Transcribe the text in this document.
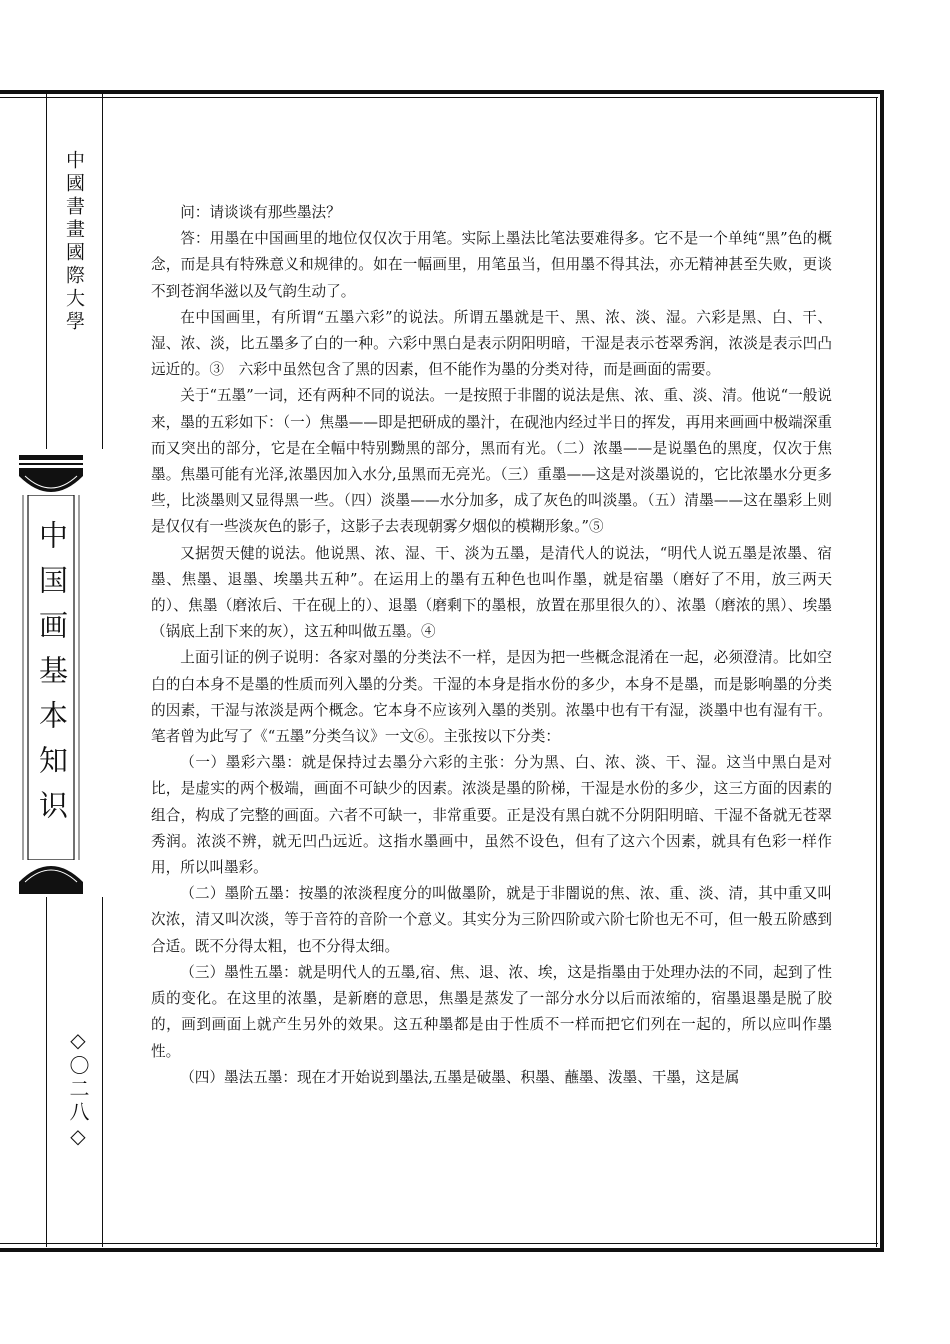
中國書畫國際大學
中国画基本知识
◇〇二八◇

问：请谈谈有那些墨法？

答：用墨在中国画里的地位仅仅次于用笔。实际上墨法比笔法要难得多。它不是一个单纯“黑”色的概念，而是具有特殊意义和规律的。如在一幅画里，用笔虽当，但用墨不得其法，亦无精神甚至失败，更谈不到苍润华滋以及气韵生动了。

在中国画里，有所谓“五墨六彩”的说法。所谓五墨就是干、黑、浓、淡、湿。六彩是黑、白、干、湿、浓、淡，比五墨多了白的一种。六彩中黑白是表示阴阳明暗，干湿是表示苍翠秀润，浓淡是表示凹凸远近的。③　六彩中虽然包含了黑的因素，但不能作为墨的分类对待，而是画面的需要。

关于“五墨”一词，还有两种不同的说法。一是按照于非闇的说法是焦、浓、重、淡、清。他说“一般说来，墨的五彩如下：（一）焦墨——即是把研成的墨汁，在砚池内经过半日的挥发，再用来画画中极端深重而又突出的部分，它是在全幅中特别黝黑的部分，黑而有光。（二）浓墨——是说墨色的黑度，仅次于焦墨。焦墨可能有光泽,浓墨因加入水分,虽黑而无亮光。（三）重墨——这是对淡墨说的，它比浓墨水分更多些，比淡墨则又显得黑一些。（四）淡墨——水分加多，成了灰色的叫淡墨。（五）清墨——这在墨彩上则是仅仅有一些淡灰色的影子，这影子去表现朝雾夕烟似的模糊形象。”⑤

又据贺天健的说法。他说黑、浓、湿、干、淡为五墨，是清代人的说法，“明代人说五墨是浓墨、宿墨、焦墨、退墨、埃墨共五种”。在运用上的墨有五种色也叫作墨，就是宿墨（磨好了不用，放三两天的）、焦墨（磨浓后、干在砚上的）、退墨（磨剩下的墨根，放置在那里很久的）、浓墨（磨浓的黑）、埃墨（锅底上刮下来的灰），这五种叫做五墨。④

上面引证的例子说明：各家对墨的分类法不一样，是因为把一些概念混淆在一起，必须澄清。比如空白的白本身不是墨的性质而列入墨的分类。干湿的本身是指水份的多少，本身不是墨，而是影响墨的分类的因素，干湿与浓淡是两个概念。它本身不应该列入墨的类别。浓墨中也有干有湿，淡墨中也有湿有干。笔者曾为此写了《“五墨”分类刍议》一文⑥。主张按以下分类：

（一）墨彩六墨：就是保持过去墨分六彩的主张：分为黑、白、浓、淡、干、湿。这当中黑白是对比，是虚实的两个极端，画面不可缺少的因素。浓淡是墨的阶梯，干湿是水份的多少，这三方面的因素的组合，构成了完整的画面。六者不可缺一，非常重要。正是没有黑白就不分阴阳明暗、干湿不备就无苍翠秀润。浓淡不辨，就无凹凸远近。这指水墨画中，虽然不设色，但有了这六个因素，就具有色彩一样作用，所以叫墨彩。

（二）墨阶五墨：按墨的浓淡程度分的叫做墨阶，就是于非闇说的焦、浓、重、淡、清，其中重又叫次浓，清又叫次淡，等于音符的音阶一个意义。其实分为三阶四阶或六阶七阶也无不可，但一般五阶感到合适。既不分得太粗，也不分得太细。

（三）墨性五墨：就是明代人的五墨,宿、焦、退、浓、埃，这是指墨由于处理办法的不同，起到了性质的变化。在这里的浓墨，是新磨的意思，焦墨是蒸发了一部分水分以后而浓缩的，宿墨退墨是脱了胶的，画到画面上就产生另外的效果。这五种墨都是由于性质不一样而把它们列在一起的，所以应叫作墨性。

（四）墨法五墨：现在才开始说到墨法,五墨是破墨、积墨、蘸墨、泼墨、干墨，这是属
